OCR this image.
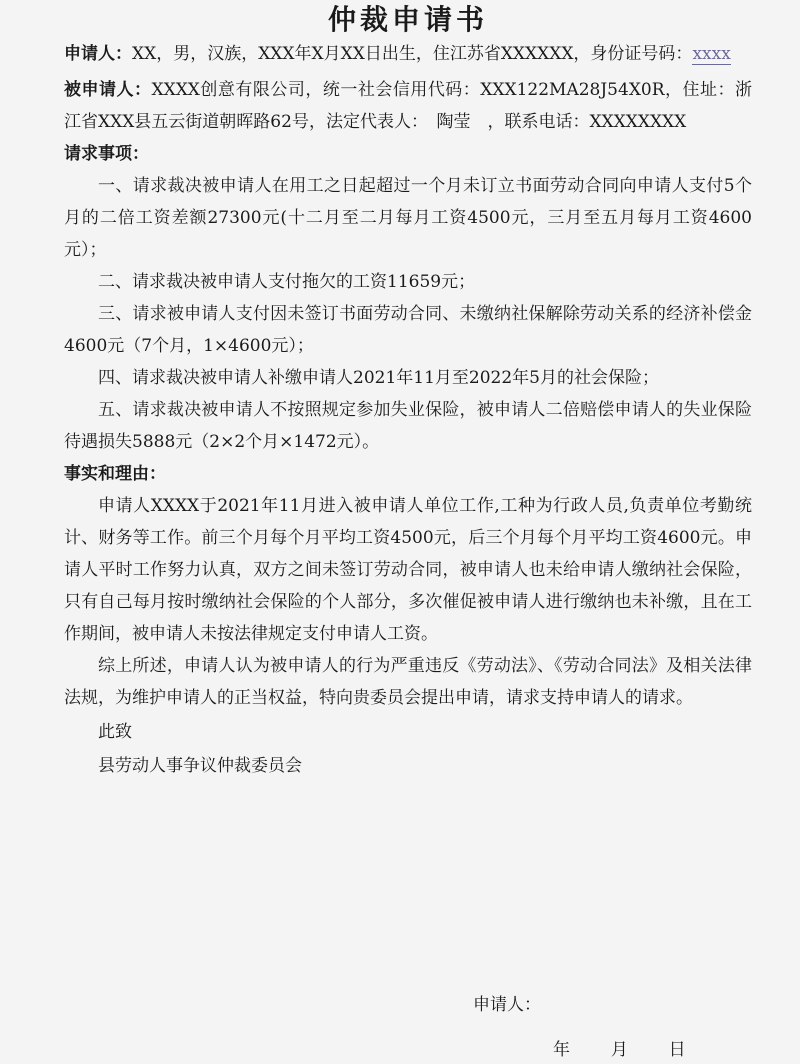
仲裁申请书

申请人：XX，男，汉族，XXX年X月XX日出生，住江苏省XXXXXX，身份证号码：xxxx

被申请人：XXXX创意有限公司，统一社会信用代码：XXX122MA28J54X0R，住址：浙江省XXX县五云街道朝晖路62号，法定代表人：　陶莹　，联系电话：XXXXXXXX

请求事项：

一、请求裁决被申请人在用工之日起超过一个月未订立书面劳动合同向申请人支付5个月的二倍工资差额27300元(十二月至二月每月工资4500元，三月至五月每月工资4600元）；

二、请求裁决被申请人支付拖欠的工资11659元；

三、请求被申请人支付因未签订书面劳动合同、未缴纳社保解除劳动关系的经济补偿金4600元（7个月，1×4600元）；

四、请求裁决被申请人补缴申请人2021年11月至2022年5月的社会保险；

五、请求裁决被申请人不按照规定参加失业保险，被申请人二倍赔偿申请人的失业保险待遇损失5888元（2×2个月×1472元）。

事实和理由：

申请人XXXX于2021年11月进入被申请人单位工作,工种为行政人员,负责单位考勤统计、财务等工作。前三个月每个月平均工资4500元，后三个月每个月平均工资4600元。申请人平时工作努力认真，双方之间未签订劳动合同，被申请人也未给申请人缴纳社会保险，只有自己每月按时缴纳社会保险的个人部分，多次催促被申请人进行缴纳也未补缴，且在工作期间，被申请人未按法律规定支付申请人工资。

综上所述，申请人认为被申请人的行为严重违反《劳动法》、《劳动合同法》及相关法律法规，为维护申请人的正当权益，特向贵委员会提出申请，请求支持申请人的请求。

此致

县劳动人事争议仲裁委员会

申请人：
年 月 日
